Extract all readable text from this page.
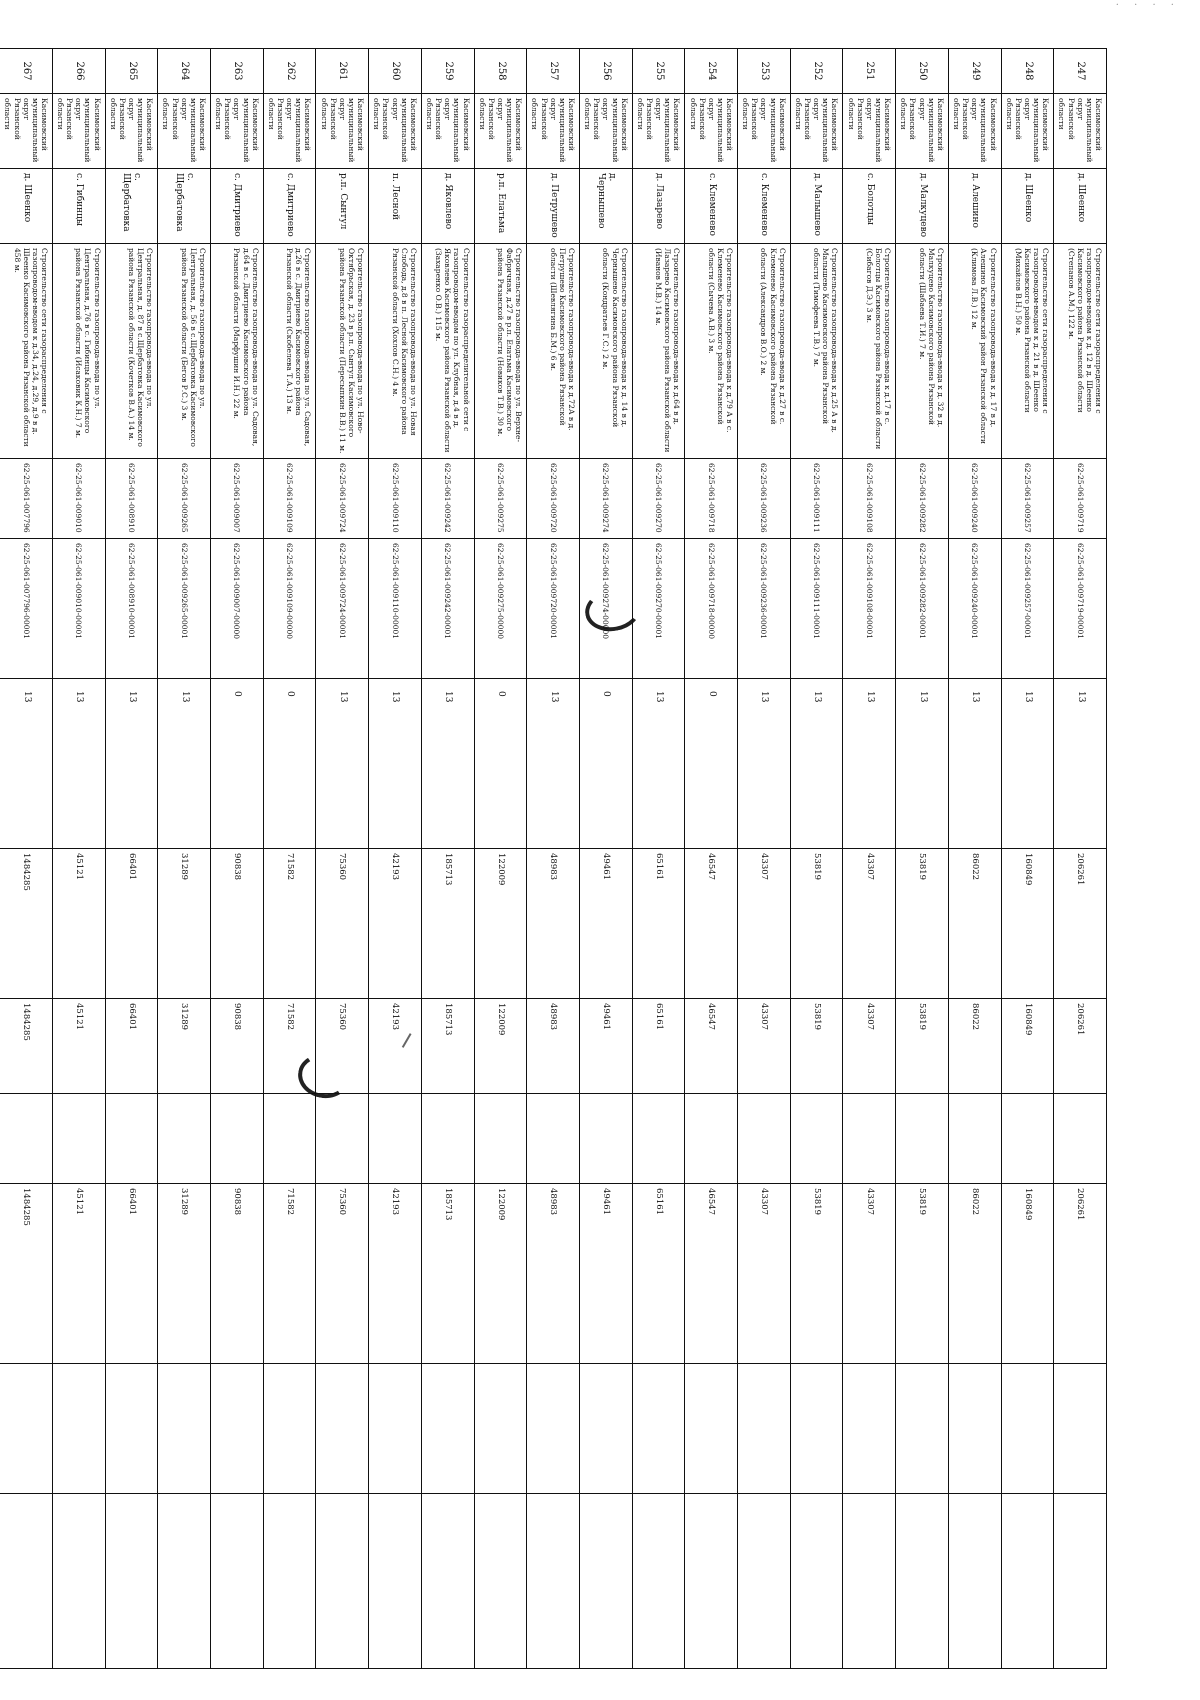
· · · ·
247	Касимовский муниципальный округ Рязанской области	д. Шеенко	Строительство сети газораспределения с газопроводом-вводом к д. 12 в д. Шеенко Касимовского района Рязанской области (Степанов А.М.) 122 м.	62-25-061-009719	62-25-061-009719-00001	13	206261	206261		206261		
248	Касимовский муниципальный округ Рязанской области	д. Шеенко	Строительство сети газораспределения с газопроводом-вводом к д. 21 в д. Шеенко Касимовского района Рязанской области (Михайлов В.Н.) 50 м.	62-25-061-009257	62-25-061-009257-00001	13	160849	160849		160849		
249	Касимовский муниципальный округ Рязанской области	д. Алешино	Строительство газопровода-ввода к д. 17 в д. Алешино Касимовский район Рязанской области (Климова Л.В.) 12 м.	62-25-061-009240	62-25-061-009240-00001	13	86022	86022		86022		
250	Касимовский муниципальный округ Рязанской области	д. Малкуцево	Строительство газопровода-ввода к д. 32 в д. Малкуцево Касимовского района Рязанской области (Шабаева Т.И.) 7 м.	62-25-061-009282	62-25-061-009282-00001	13	53819	53819		53819		
251	Касимовский муниципальный округ Рязанской области	с. Болотцы	Строительство газопровода-ввода к д.17 в с. Болотцы Касимовского района Рязанской области (Сибагов Д.Э.) 3 м.	62-25-061-009108	62-25-061-009108-00001	13	43307	43307		43307		
252	Касимовский муниципальный округ Рязанской области	д. Малышево	Строительство газопровода-ввода к д.25 А в д. Малышево Касимовского района Рязанской области (Тимофеева Т.В.) 7 м.	62-25-061-009111	62-25-061-009111-00001	13	53819	53819		53819		
253	Касимовский муниципальный округ Рязанской области	с. Клеменево	Строительство газопровода-ввода к д.27 в с. Клеменево Касимовского района Рязанской области (Александров В.О.) 2 м.	62-25-061-009236	62-25-061-009236-00001	13	43307	43307		43307		
254	Касимовский муниципальный округ Рязанской области	с. Клеменево	Строительство газопровода-ввода к д.79 А в с. Клеменево Касимовского района Рязанской области (Сычева А.В.) 3 м.	62-25-061-009718	62-25-061-009718-00000	0	46547	46547		46547		
255	Касимовский муниципальный округ Рязанской области	д. Лазарево	Строительство газопровода-ввода к д.64 в д. Лазарево Касимовского района Рязанской области (Иванов М.В.) 14 м.	62-25-061-009270	62-25-061-009270-00001	13	65161	65161		65161		
256	Касимовский муниципальный округ Рязанской области	д. Чернышево	Строительство газопровода-ввода к д. 14 в д. Чернышево Касимовского района Рязанской области (Кондратьев Г.С.) 2 м.	62-25-061-009274	62-25-061-009274-00000	0	49461	49461		49461		
257	Касимовский муниципальный округ Рязанской области	д. Петрушево	Строительство газопровода-ввода к д.72А в д. Петрушево Касимовского района Рязанской области (Шевлягина Б.М.) 6 м.	62-25-061-009720	62-25-061-009720-00001	13	48983	48983		48983		
258	Касимовский муниципальный округ Рязанской области	р.п. Елатьма	Строительство газопровода-ввода по ул. Верхне-Фабричная, д.27 в р.п. Елатьма Касимовского района Рязанской области (Новиков Т.В.) 30 м.	62-25-061-009275	62-25-061-009275-00000	0	122009	122009		122009		
259	Касимовский муниципальный округ Рязанской области	д. Яковлево	Строительство газораспределительной сети с газопроводом-вводом по ул. Клубная, д.4 в д. Яковлево Касимовского района Рязанской области (Захаренко О.В.) 115 м.	62-25-061-009242	62-25-061-009242-00001	13	185713	185713		185713		
260	Касимовский муниципальный округ Рязанской области	п. Лесной	Строительство газопровода-ввода по ул. Новая Слобода, д.8 в п. Лесной Касимовского района Рязанской области (Хохлов С.Н.) 4 м.	62-25-061-009110	62-25-061-009110-00001	13	42193	42193		42193		
261	Касимовский муниципальный округ Рязанской области	р.п. Сынтул	Строительство газопровода-ввода по ул. Ново-Октябрьская, д. 23 в р.п. Сынтул Касимовского района Рязанской области (Пересыпкин В.В.) 11 м.	62-25-061-009724	62-25-061-009724-00001	13	75360	75360		75360		
262	Касимовский муниципальный округ Рязанской области	с. Дмитриево	Строительство газопровода-ввода по ул. Садовая, д.26 в с. Дмитриево Касимовского района Рязанской области (Скобелева Т.А.) 13 м.	62-25-061-009109	62-25-061-009109-00000	0	71582	71582		71582		
263	Касимовский муниципальный округ Рязанской области	с. Дмитриево	Строительство газопровода-ввода по ул. Садовая, д.64 в с. Дмитриево Касимовского района Рязанской области (Марфушин И.Н.) 22 м.	62-25-061-009007	62-25-061-009007-00000	0	90838	90838		90838		
264	Касимовский муниципальный округ Рязанской области	с. Щербатовка	Строительство газопровода-ввода по ул. Центральная, д. 56 в с.Щербатовка Касимовского района Рязанской области (Бегов Р.С.) 3 м.	62-25-061-009265	62-25-061-009265-00001	13	31289	31289		31289		
265	Касимовский муниципальный округ Рязанской области	с. Щербатовка	Строительство газопровода-ввода по ул. Центральная, д. 87 в с.Щербатовка Касимовского района Рязанской области (Кочетков В.А.) 14 м.	62-25-061-008910	62-25-061-008910-00001	13	66401	66401		66401		
266	Касимовский муниципальный округ Рязанской области	с. Гибинцы	Строительство газопровода-ввода по ул. Центральная, д.76 в с. Гибинцы Касимовского района Рязанской области (Исаковик К.Н.) 7 м.	62-25-061-009010	62-25-061-009010-00001	13	45121	45121		45121		
267	Касимовский муниципальный округ Рязанской области	д. Шеенко	Строительство сети газораспределения с газопроводом-вводом к д.34, д.24, д.29, д.9 в д. Шеенко Касимовского района Рязанской области 458 м.	62-25-061-007796	62-25-061-007796-00001	13	1484285	1484285		1484285		
